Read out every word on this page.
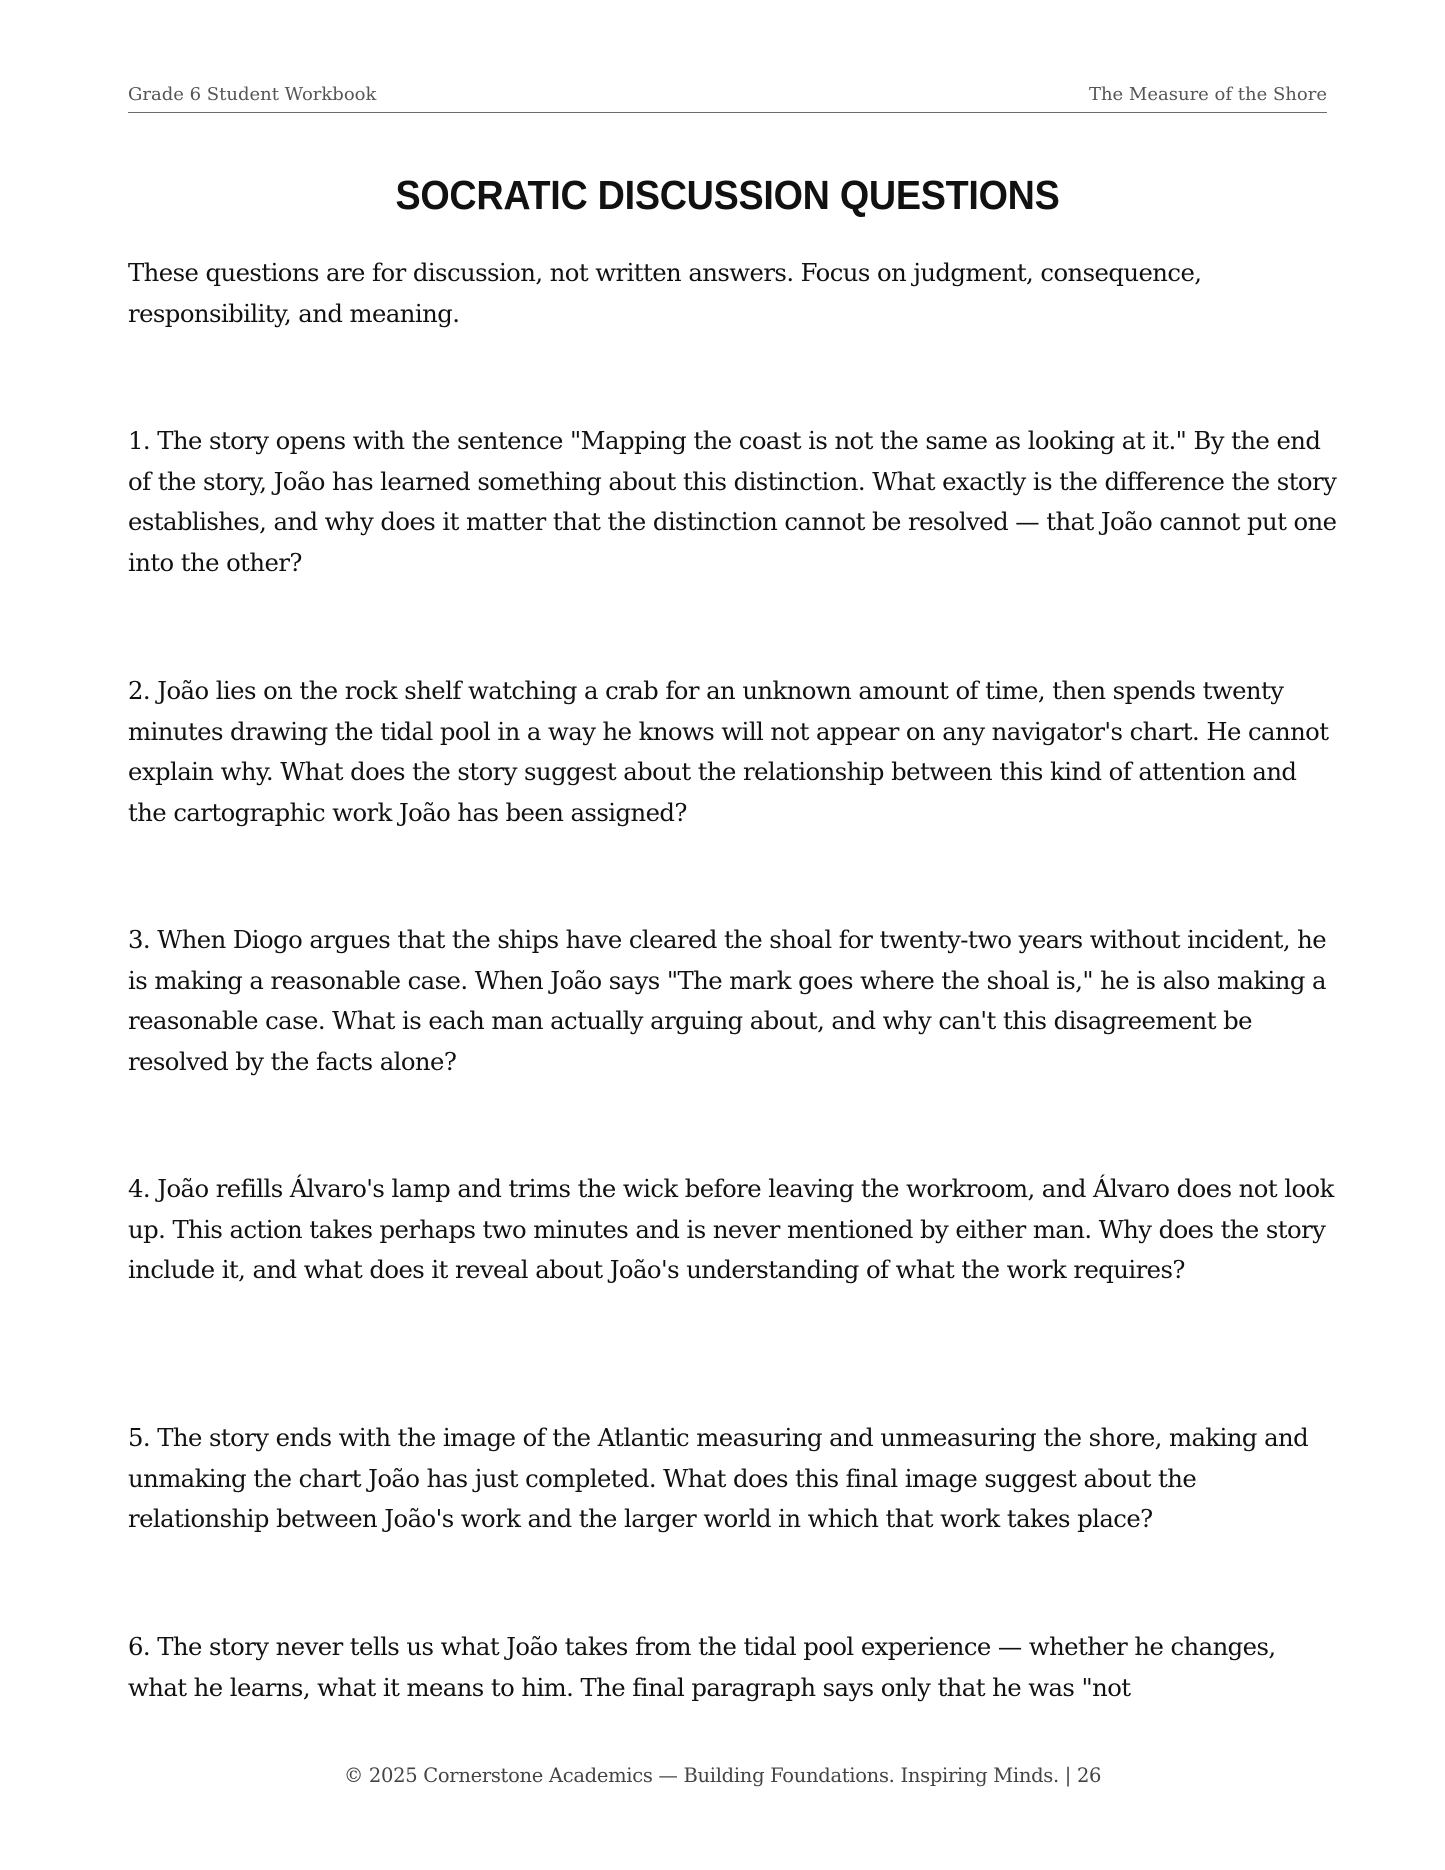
Grade 6 Student Workbook	The Measure of the Shore
SOCRATIC DISCUSSION QUESTIONS

These questions are for discussion, not written answers. Focus on judgment, consequence, responsibility, and meaning.

1. The story opens with the sentence "Mapping the coast is not the same as looking at it." By the end of the story, João has learned something about this distinction. What exactly is the difference the story establishes, and why does it matter that the distinction cannot be resolved — that João cannot put one into the other?

2. João lies on the rock shelf watching a crab for an unknown amount of time, then spends twenty minutes drawing the tidal pool in a way he knows will not appear on any navigator's chart. He cannot explain why. What does the story suggest about the relationship between this kind of attention and the cartographic work João has been assigned?

3. When Diogo argues that the ships have cleared the shoal for twenty-two years without incident, he is making a reasonable case. When João says "The mark goes where the shoal is," he is also making a reasonable case. What is each man actually arguing about, and why can't this disagreement be resolved by the facts alone?

4. João refills Álvaro's lamp and trims the wick before leaving the workroom, and Álvaro does not look up. This action takes perhaps two minutes and is never mentioned by either man. Why does the story include it, and what does it reveal about João's understanding of what the work requires?

5. The story ends with the image of the Atlantic measuring and unmeasuring the shore, making and unmaking the chart João has just completed. What does this final image suggest about the relationship between João's work and the larger world in which that work takes place?

6. The story never tells us what João takes from the tidal pool experience — whether he changes, what he learns, what it means to him. The final paragraph says only that he was "not

© 2025 Cornerstone Academics — Building Foundations. Inspiring Minds. | 26
